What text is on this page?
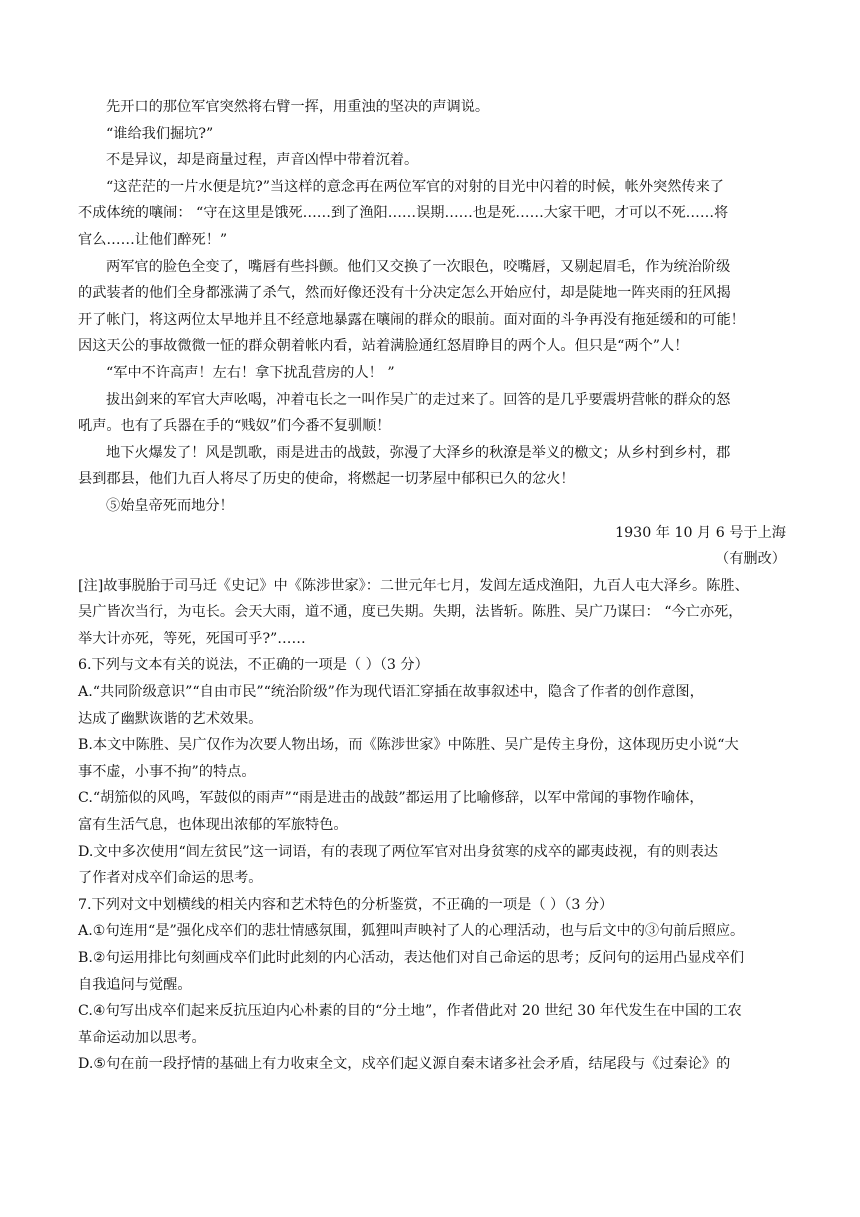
先开口的那位军官突然将右臂一挥，用重浊的坚决的声调说。

“谁给我们掘坑?”

不是异议，却是商量过程，声音凶悍中带着沉着。

“这茫茫的一片水便是坑?”当这样的意念再在两位军官的对射的目光中闪着的时候，帐外突然传来了
不成体统的嚷闹： “守在这里是饿死……到了渔阳……误期……也是死……大家干吧，才可以不死……将
官么……让他们醉死！”

两军官的脸色全变了，嘴唇有些抖颤。他们又交换了一次眼色，咬嘴唇，又剔起眉毛，作为统治阶级
的武装者的他们全身都涨满了杀气，然而好像还没有十分决定怎么开始应付，却是陡地一阵夹雨的狂风揭
开了帐门，将这两位太早地并且不经意地暴露在嚷闹的群众的眼前。面对面的斗争再没有拖延缓和的可能！
因这天公的事故微微一怔的群众朝着帐内看，站着满脸通红怒眉睁目的两个人。但只是“两个”人！

“军中不许高声！左右！拿下扰乱营房的人！ ”

拔出剑来的军官大声吆喝，冲着屯长之一叫作吴广的走过来了。回答的是几乎要震坍营帐的群众的怒
吼声。也有了兵器在手的“贱奴”们今番不复驯顺！

地下火爆发了！风是凯歌，雨是进击的战鼓，弥漫了大泽乡的秋潦是举义的檄文；从乡村到乡村，郡
县到郡县，他们九百人将尽了历史的使命，将燃起一切茅屋中郁积已久的忿火！

⑤始皇帝死而地分！

1930 年 10 月 6 号于上海

（有删改）

[注]故事脱胎于司马迁《史记》中《陈涉世家》：二世元年七月，发闾左适戍渔阳，九百人屯大泽乡。陈胜、
吴广皆次当行，为屯长。会天大雨，道不通，度已失期。失期，法皆斩。陈胜、吴广乃谋曰： “今亡亦死，
举大计亦死，等死，死国可乎?”……

6.下列与文本有关的说法，不正确的一项是（ ）（3 分）

A.“共同阶级意识”“自由市民”“统治阶级”作为现代语汇穿插在故事叙述中，隐含了作者的创作意图，
达成了幽默诙谐的艺术效果。

B.本文中陈胜、吴广仅作为次要人物出场，而《陈涉世家》中陈胜、吴广是传主身份，这体现历史小说“大
事不虚，小事不拘”的特点。

C.“胡笳似的风鸣，军鼓似的雨声”“雨是进击的战鼓”都运用了比喻修辞，以军中常闻的事物作喻体，
富有生活气息，也体现出浓郁的军旅特色。

D.文中多次使用“闾左贫民”这一词语，有的表现了两位军官对出身贫寒的戍卒的鄙夷歧视，有的则表达
了作者对戍卒们命运的思考。

7.下列对文中划横线的相关内容和艺术特色的分析鉴赏，不正确的一项是（ ）（3 分）

A.①句连用“是”强化戍卒们的悲壮情感氛围，狐狸叫声映衬了人的心理活动，也与后文中的③句前后照应。

B.②句运用排比句刻画戍卒们此时此刻的内心活动，表达他们对自己命运的思考；反问句的运用凸显戍卒们
自我追问与觉醒。

C.④句写出戍卒们起来反抗压迫内心朴素的目的“分土地”，作者借此对 20 世纪 30 年代发生在中国的工农
革命运动加以思考。

D.⑤句在前一段抒情的基础上有力收束全文，戍卒们起义源自秦末诸多社会矛盾，结尾段与《过秦论》的
